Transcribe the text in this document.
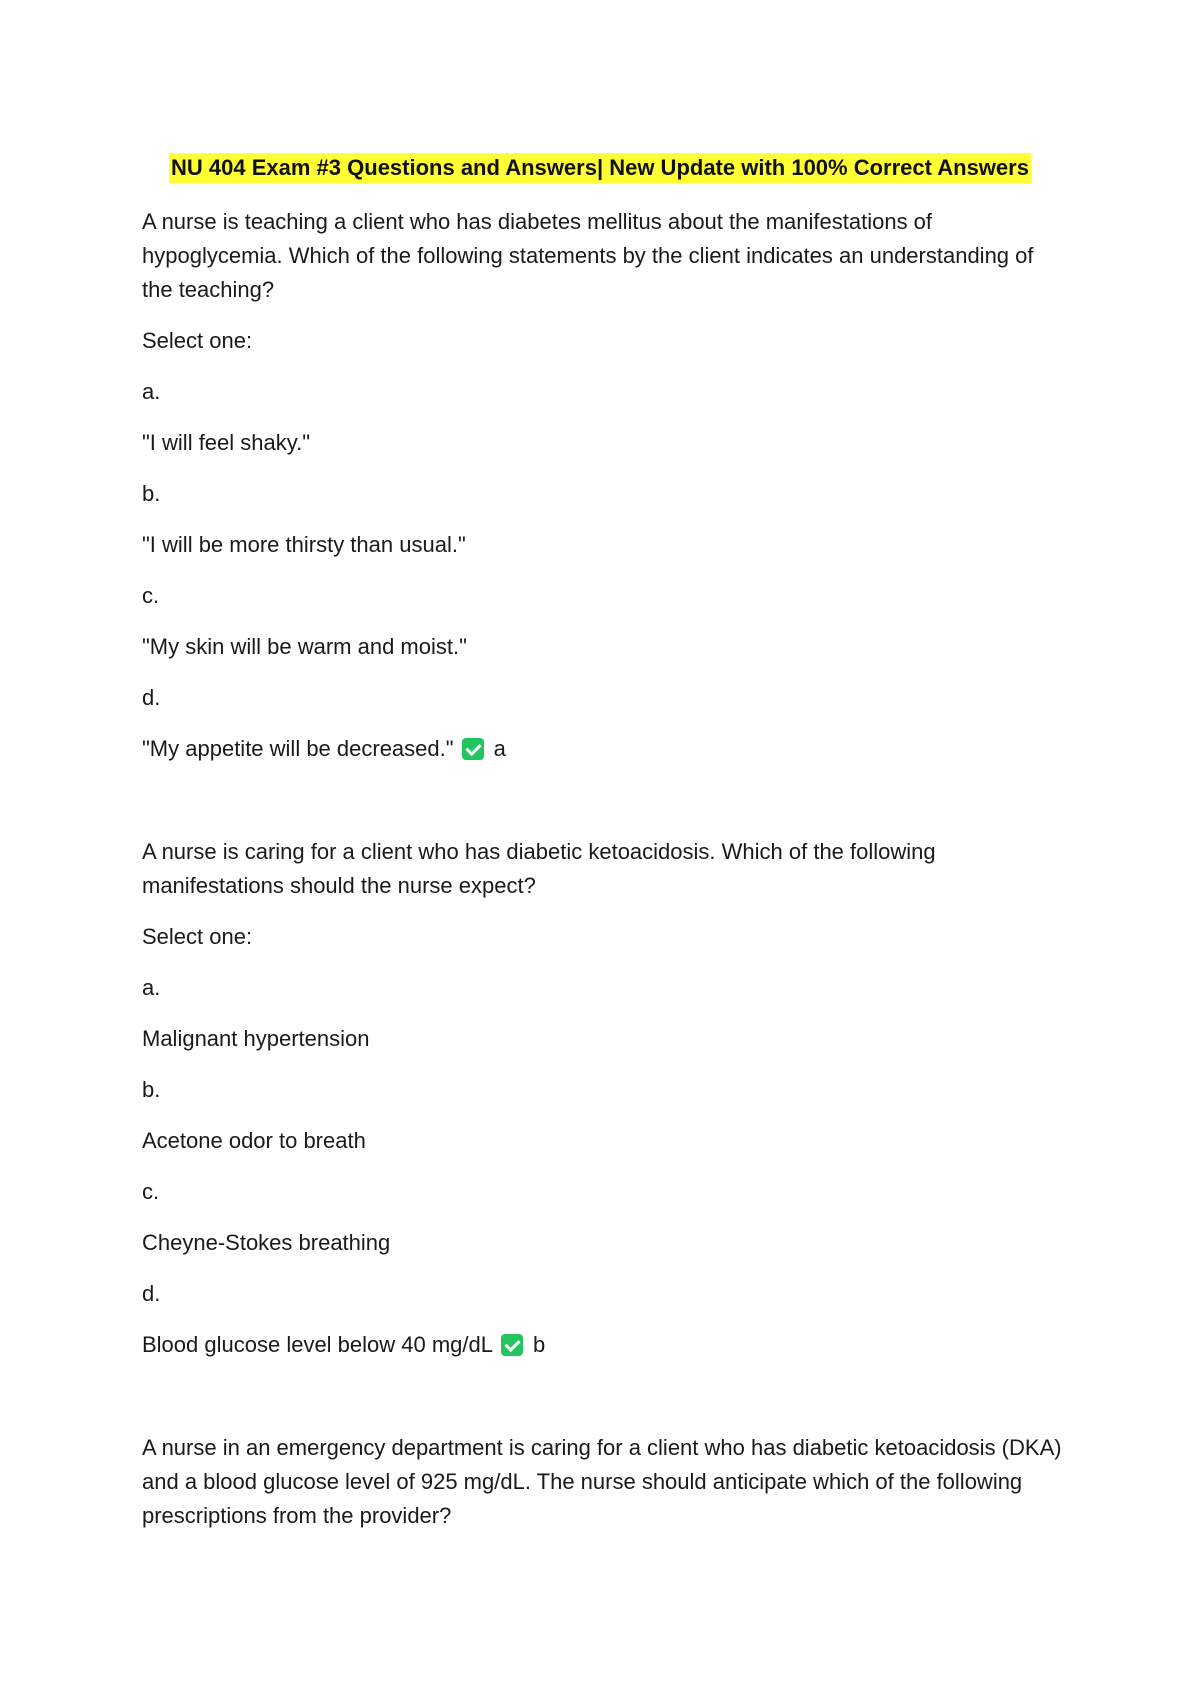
NU 404 Exam #3 Questions and Answers| New Update with 100% Correct Answers

A nurse is teaching a client who has diabetes mellitus about the manifestations of hypoglycemia. Which of the following statements by the client indicates an understanding of the teaching?

Select one:

a.

"I will feel shaky."

b.

"I will be more thirsty than usual."

c.

"My skin will be warm and moist."

d.

"My appetite will be decreased." a

A nurse is caring for a client who has diabetic ketoacidosis. Which of the following manifestations should the nurse expect?

Select one:

a.

Malignant hypertension

b.

Acetone odor to breath

c.

Cheyne-Stokes breathing

d.

Blood glucose level below 40 mg/dL b

A nurse in an emergency department is caring for a client who has diabetic ketoacidosis (DKA) and a blood glucose level of 925 mg/dL. The nurse should anticipate which of the following prescriptions from the provider?
